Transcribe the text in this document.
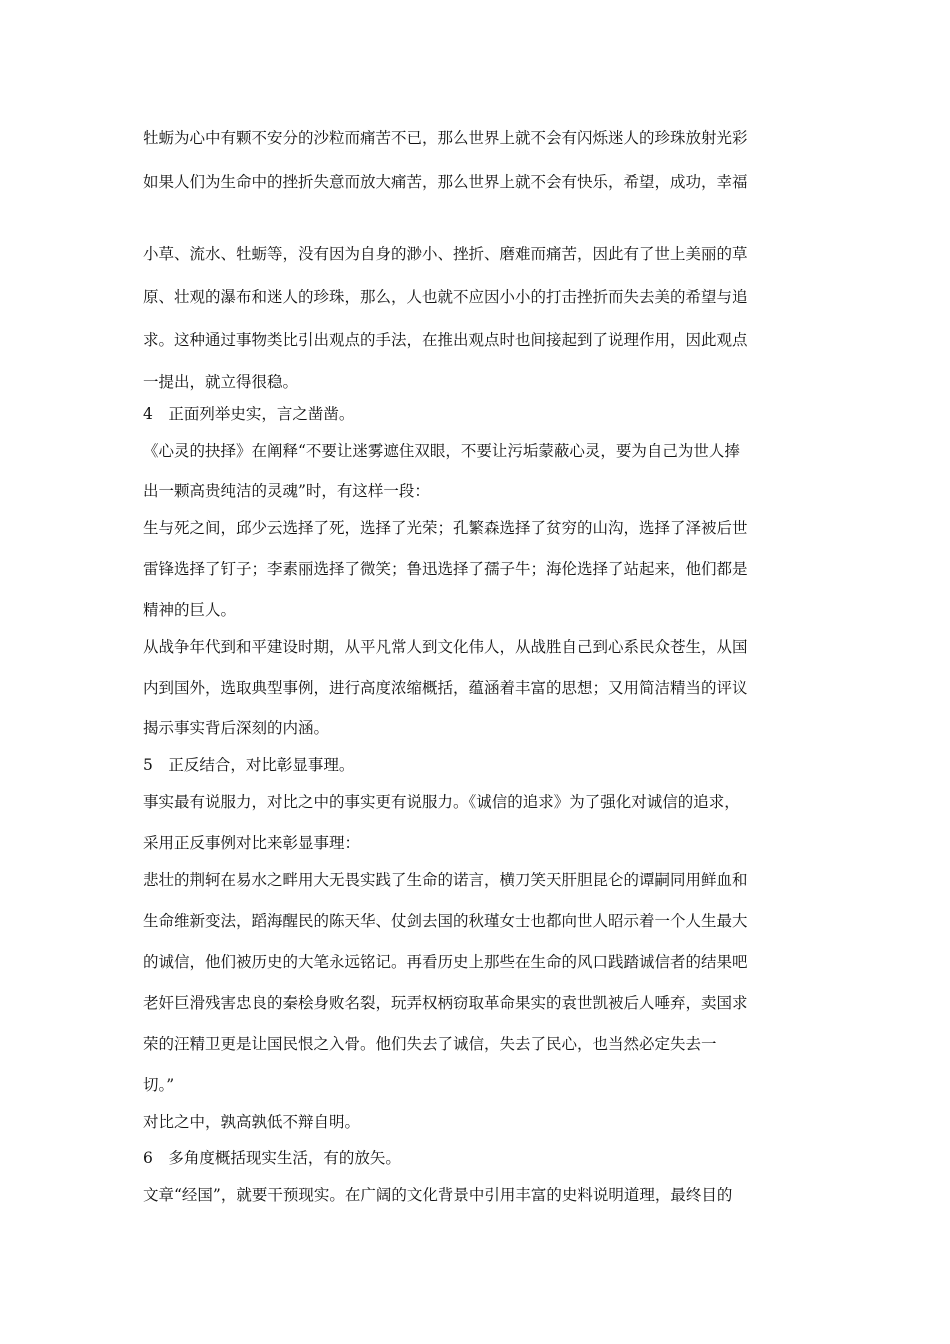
牡蛎为心中有颗不安分的沙粒而痛苦不已，那么世界上就不会有闪烁迷人的珍珠放射光彩
如果人们为生命中的挫折失意而放大痛苦，那么世界上就不会有快乐，希望，成功，幸福
小草、流水、牡蛎等，没有因为自身的渺小、挫折、磨难而痛苦，因此有了世上美丽的草
原、壮观的瀑布和迷人的珍珠，那么，人也就不应因小小的打击挫折而失去美的希望与追
求。这种通过事物类比引出观点的手法，在推出观点时也间接起到了说理作用，因此观点
一提出，就立得很稳。
4　正面列举史实，言之凿凿。
《心灵的抉择》在阐释“不要让迷雾遮住双眼，不要让污垢蒙蔽心灵，要为自己为世人捧
出一颗高贵纯洁的灵魂”时，有这样一段：
生与死之间，邱少云选择了死，选择了光荣；孔繁森选择了贫穷的山沟，选择了泽被后世
雷锋选择了钉子；李素丽选择了微笑；鲁迅选择了孺子牛；海伦选择了站起来，他们都是
精神的巨人。
从战争年代到和平建设时期，从平凡常人到文化伟人，从战胜自己到心系民众苍生，从国
内到国外，选取典型事例，进行高度浓缩概括，蕴涵着丰富的思想；又用简洁精当的评议
揭示事实背后深刻的内涵。
5　正反结合，对比彰显事理。
事实最有说服力，对比之中的事实更有说服力。《诚信的追求》为了强化对诚信的追求，
采用正反事例对比来彰显事理：
悲壮的荆轲在易水之畔用大无畏实践了生命的诺言，横刀笑天肝胆昆仑的谭嗣同用鲜血和
生命维新变法，蹈海醒民的陈天华、仗剑去国的秋瑾女士也都向世人昭示着一个人生最大
的诚信，他们被历史的大笔永远铭记。再看历史上那些在生命的风口践踏诚信者的结果吧
老奸巨滑残害忠良的秦桧身败名裂，玩弄权柄窃取革命果实的袁世凯被后人唾弃，卖国求
荣的汪精卫更是让国民恨之入骨。他们失去了诚信，失去了民心，也当然必定失去一
切。”
对比之中，孰高孰低不辩自明。
6　多角度概括现实生活，有的放矢。
文章“经国”，就要干预现实。在广阔的文化背景中引用丰富的史料说明道理，最终目的
